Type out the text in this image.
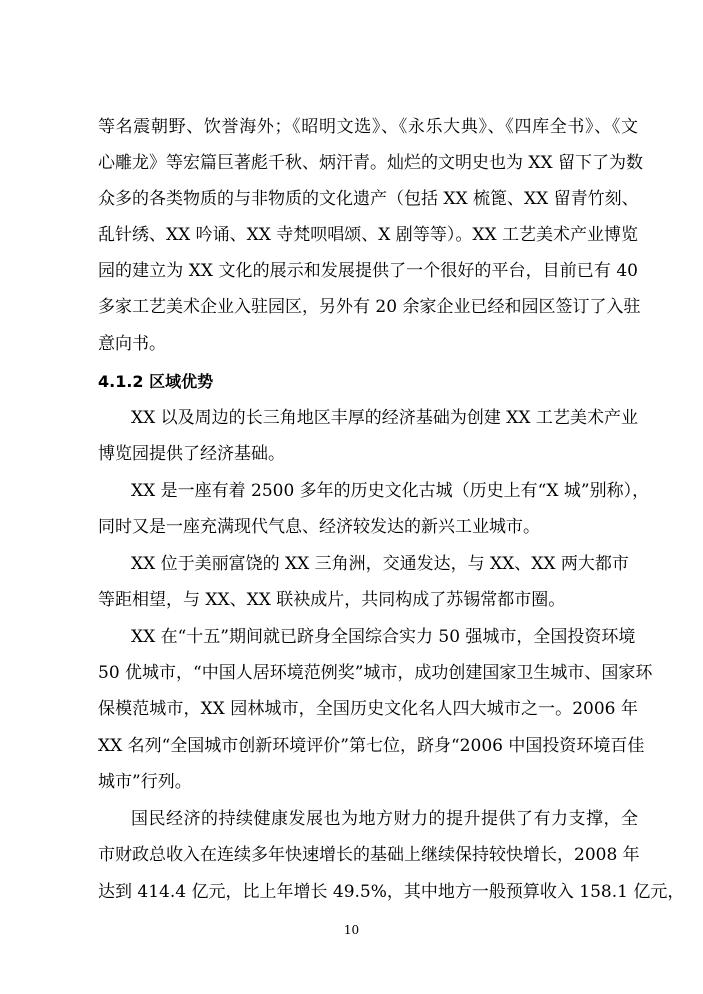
等名震朝野、饮誉海外；《昭明文选》、《永乐大典》、《四库全书》、《文
心雕龙》等宏篇巨著彪千秋、炳汗青。灿烂的文明史也为 XX 留下了为数
众多的各类物质的与非物质的文化遗产（包括 XX 梳篦、XX 留青竹刻、
乱针绣、XX 吟诵、XX 寺梵呗唱颂、X 剧等等）。XX 工艺美术产业博览
园的建立为 XX 文化的展示和发展提供了一个很好的平台，目前已有 40
多家工艺美术企业入驻园区，另外有 20 余家企业已经和园区签订了入驻
意向书。
4.1.2 区域优势
XX 以及周边的长三角地区丰厚的经济基础为创建 XX 工艺美术产业
博览园提供了经济基础。
XX 是一座有着 2500 多年的历史文化古城（历史上有“X 城”别称），
同时又是一座充满现代气息、经济较发达的新兴工业城市。
XX 位于美丽富饶的 XX 三角洲，交通发达，与 XX、XX 两大都市
等距相望，与 XX、XX 联袂成片，共同构成了苏锡常都市圈。
XX 在“十五”期间就已跻身全国综合实力 50 强城市，全国投资环境
50 优城市，“中国人居环境范例奖”城市，成功创建国家卫生城市、国家环
保模范城市，XX 园林城市，全国历史文化名人四大城市之一。2006 年
XX 名列“全国城市创新环境评价”第七位，跻身“2006 中国投资环境百佳
城市”行列。
国民经济的持续健康发展也为地方财力的提升提供了有力支撑，全
市财政总收入在连续多年快速增长的基础上继续保持较快增长，2008 年
达到 414.4 亿元，比上年增长 49.5%，其中地方一般预算收入 158.1 亿元，
10
